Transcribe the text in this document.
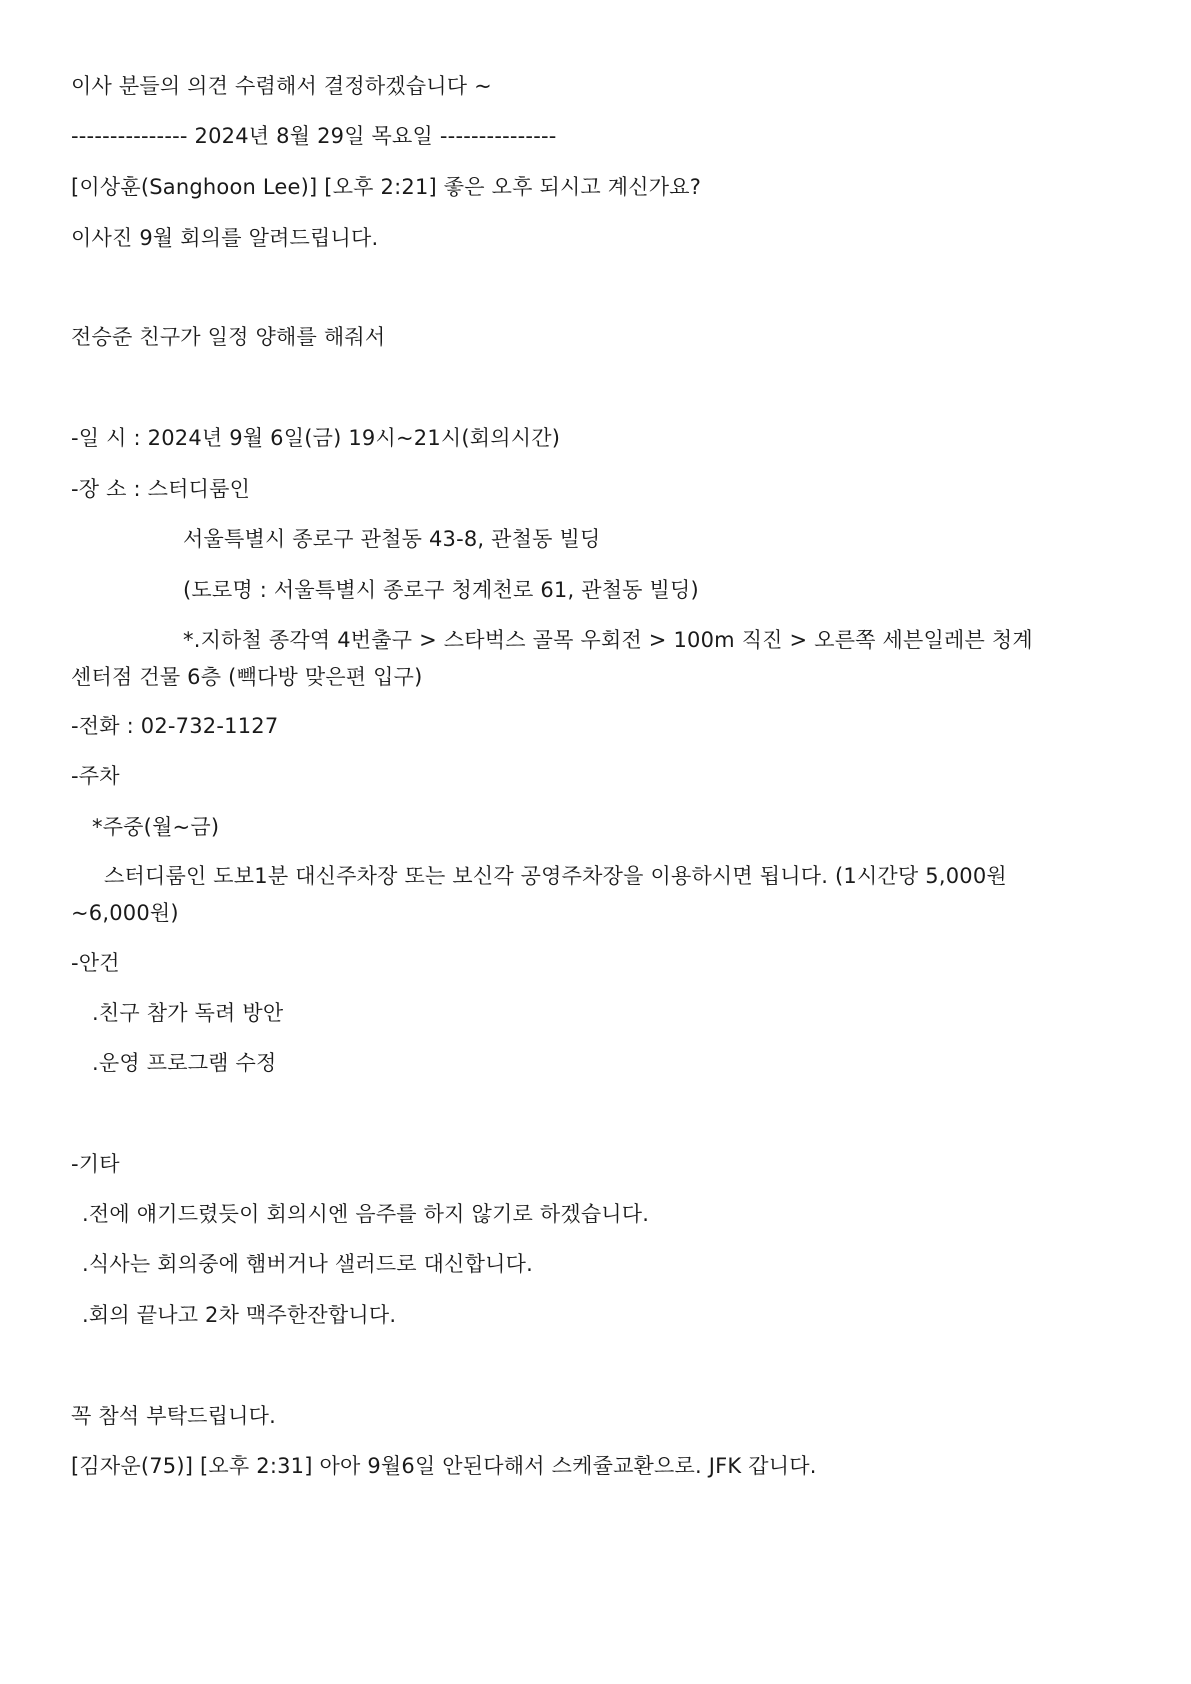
이사 분들의 의견 수렴해서 결정하겠습니다 ~
--------------- 2024년 8월 29일 목요일 ---------------
[이상훈(Sanghoon Lee)] [오후 2:21] 좋은 오후 되시고 계신가요?
이사진 9월 회의를 알려드립니다.
전승준 친구가 일정 양해를 해줘서
-일 시 : 2024년 9월 6일(금) 19시~21시(회의시간)
-장 소 : 스터디룸인
서울특별시 종로구 관철동 43-8, 관철동 빌딩
(도로명 : 서울특별시 종로구 청계천로 61, 관철동 빌딩)
*.지하철 종각역 4번출구 > 스타벅스 골목 우회전 > 100m 직진 > 오른쪽 세븐일레븐 청계
센터점 건물 6층 (빽다방 맞은편 입구)
-전화 : 02-732-1127
-주차
*주중(월~금)
스터디룸인 도보1분 대신주차장 또는 보신각 공영주차장을 이용하시면 됩니다. (1시간당 5,000원
~6,000원)
-안건
.친구 참가 독려 방안
.운영 프로그램 수정
-기타
.전에 얘기드렸듯이 회의시엔 음주를 하지 않기로 하겠습니다.
.식사는 회의중에 햄버거나 샐러드로 대신합니다.
.회의 끝나고 2차 맥주한잔합니다.
꼭 참석 부탁드립니다.
[김자운(75)] [오후 2:31] 아아 9월6일 안된다해서 스케쥴교환으로. JFK 갑니다.
